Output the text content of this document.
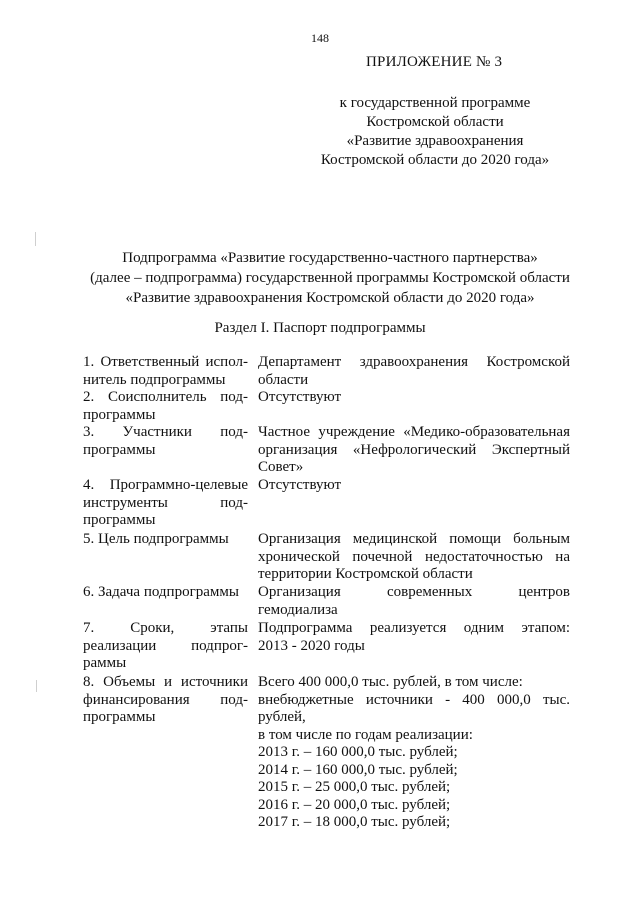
148
ПРИЛОЖЕНИЕ № 3
к государственной программе
Костромской области
«Развитие здравоохранения
Костромской области до 2020 года»
Подпрограмма «Развитие государственно-частного партнерства»
(далее – подпрограмма) государственной программы Костромской области
«Развитие здравоохранения Костромской области до 2020 года»
Раздел I. Паспорт подпрограммы
1. Ответственный испол-
нитель подпрограммы
Департамент здравоохранения Костромской
области
2. Соисполнитель под-
программы
Отсутствуют
3. Участники под-
программы
Частное учреждение «Медико-образовательная
организация «Нефрологический Экспертный
Совет»
4. Программно-целевые
инструменты под-
программы
Отсутствуют
5. Цель подпрограммы	Организация медицинской помощи больным
хронической почечной недостаточностью на
территории Костромской области
6. Задача подпрограммы	Организация современных центров
гемодиализа
7. Сроки, этапы
реализации подпрог-
раммы
Подпрограмма реализуется одним этапом:
2013 - 2020 годы
8. Объемы и источники
финансирования под-
программы
Всего 400 000,0 тыс. рублей, в том числе:
внебюджетные источники - 400 000,0 тыс.
рублей,
в том числе по годам реализации:
2013 г. – 160 000,0 тыс. рублей;
2014 г. – 160 000,0 тыс. рублей;
2015 г. – 25 000,0 тыс. рублей;
2016 г. – 20 000,0 тыс. рублей;
2017 г. – 18 000,0 тыс. рублей;
